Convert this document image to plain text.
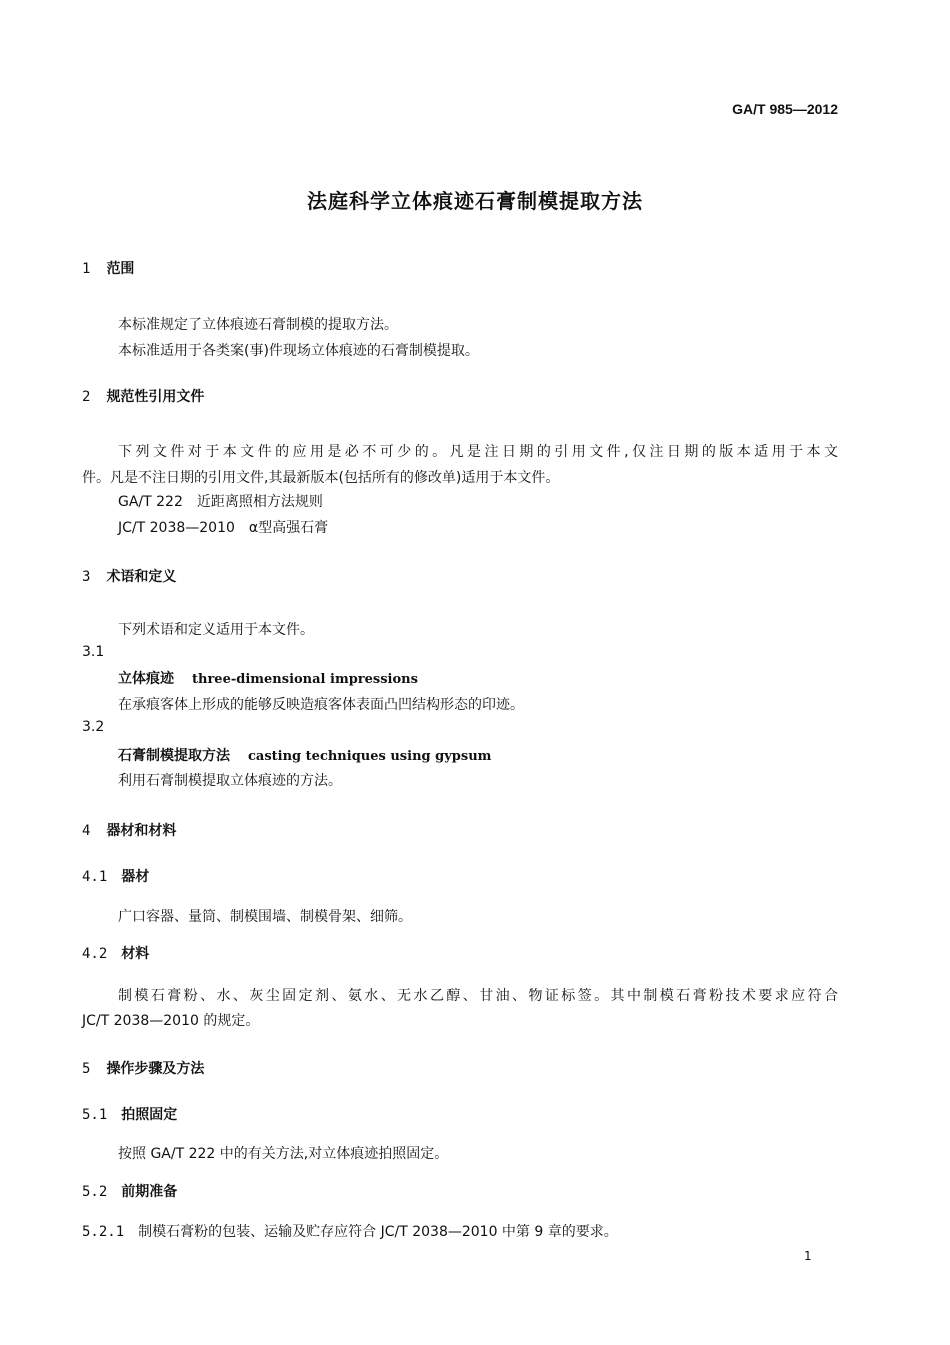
GA/T 985—2012
法庭科学立体痕迹石膏制模提取方法
1 范围
本标准规定了立体痕迹石膏制模的提取方法。
本标准适用于各类案(事)件现场立体痕迹的石膏制模提取。
2 规范性引用文件
下列文件对于本文件的应用是必不可少的。凡是注日期的引用文件,仅注日期的版本适用于本文
件。凡是不注日期的引用文件,其最新版本(包括所有的修改单)适用于本文件。
GA/T 222　近距离照相方法规则
JC/T 2038—2010　α型高强石膏
3 术语和定义
下列术语和定义适用于本文件。
3.1
立体痕迹 three-dimensional impressions
在承痕客体上形成的能够反映造痕客体表面凸凹结构形态的印迹。
3.2
石膏制模提取方法 casting techniques using gypsum
利用石膏制模提取立体痕迹的方法。
4 器材和材料
4.1 器材
广口容器、量筒、制模围墙、制模骨架、细筛。
4.2 材料
制模石膏粉、水、灰尘固定剂、氨水、无水乙醇、甘油、物证标签。其中制模石膏粉技术要求应符合
JC/T 2038—2010 的规定。
5 操作步骤及方法
5.1 拍照固定
按照 GA/T 222 中的有关方法,对立体痕迹拍照固定。
5.2 前期准备
5.2.1 制模石膏粉的包装、运输及贮存应符合 JC/T 2038—2010 中第 9 章的要求。
1
